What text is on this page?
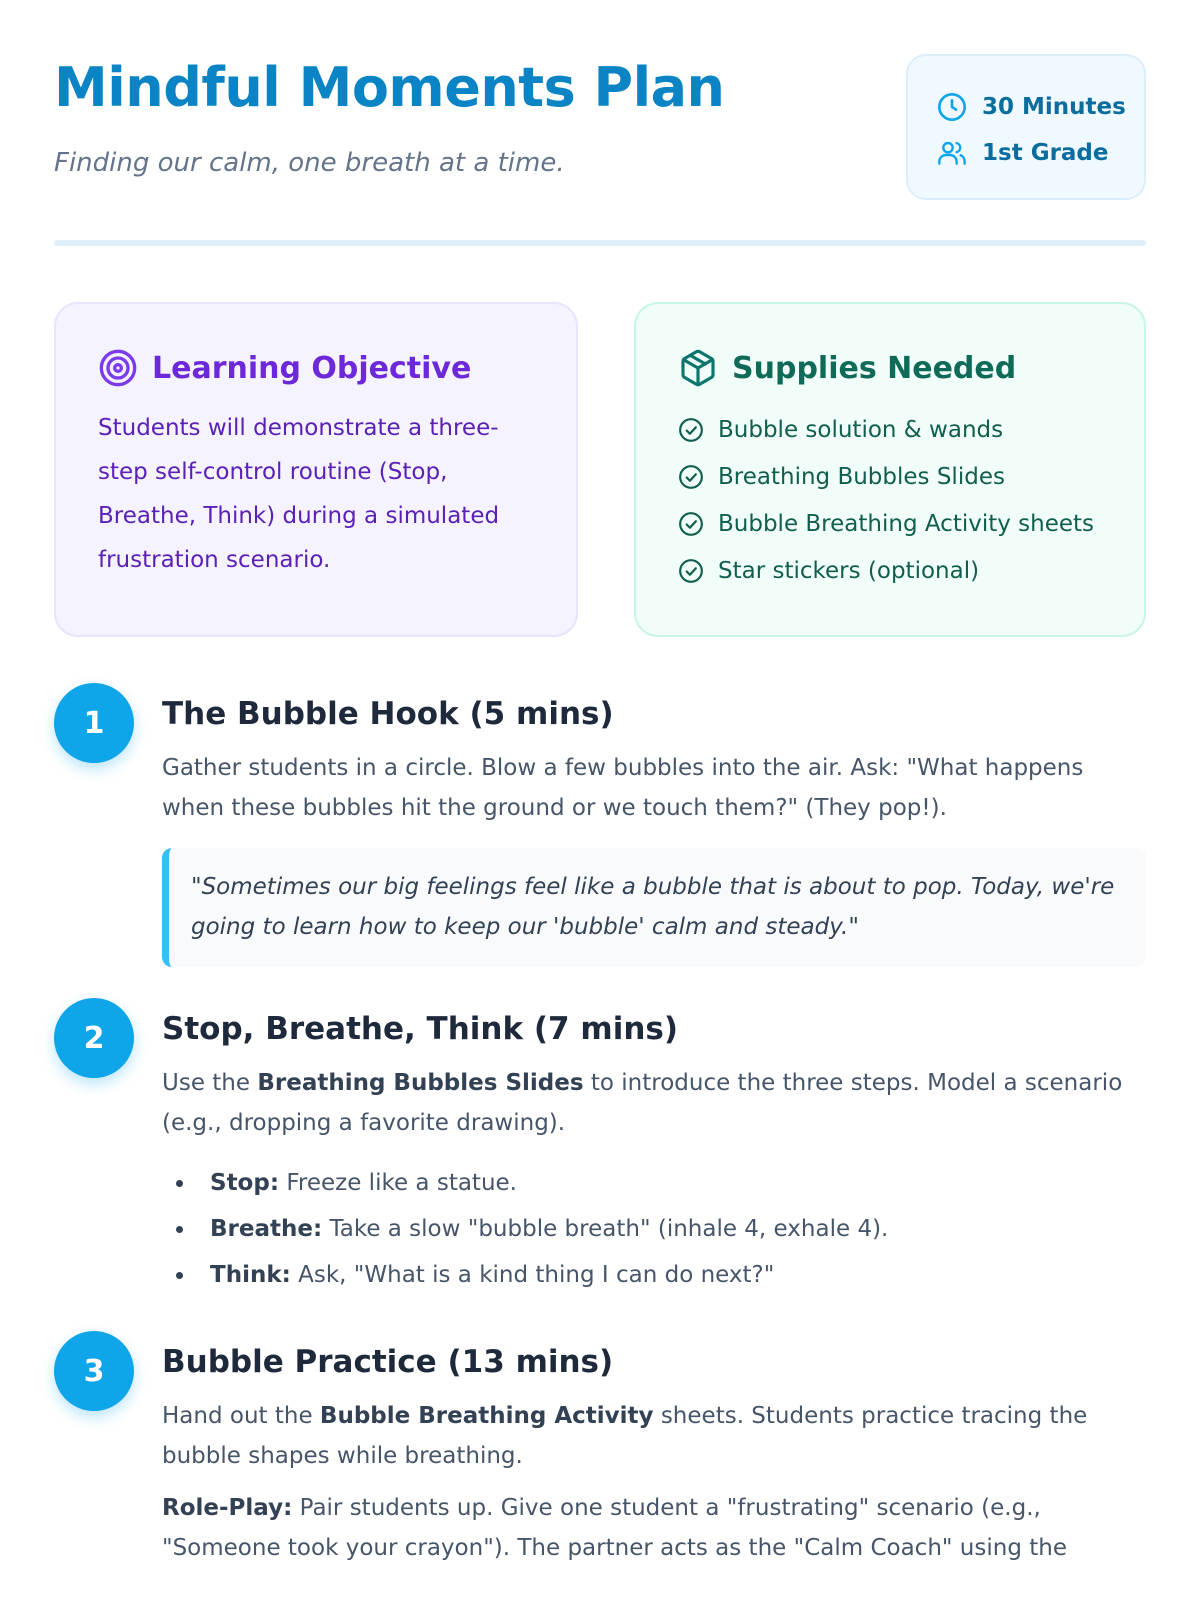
Mindful Moments Plan

Finding our calm, one breath at a time.

30 Minutes
1st Grade
Learning Objective

Students will demonstrate a three-step self-control routine (Stop, Breathe, Think) during a simulated frustration scenario.

Supplies Needed
Bubble solution & wands
Breathing Bubbles Slides
Bubble Breathing Activity sheets
Star stickers (optional)
1	The Bubble Hook (5 mins)

Gather students in a circle. Blow a few bubbles into the air. Ask: "What happens when these bubbles hit the ground or we touch them?" (They pop!).

"Sometimes our big feelings feel like a bubble that is about to pop. Today, we're going to learn how to keep our 'bubble' calm and steady."
2	Stop, Breathe, Think (7 mins)

Use the Breathing Bubbles Slides to introduce the three steps. Model a scenario (e.g., dropping a favorite drawing).

Stop: Freeze like a statue.
Breathe: Take a slow "bubble breath" (inhale 4, exhale 4).
Think: Ask, "What is a kind thing I can do next?"
3	Bubble Practice (13 mins)

Hand out the Bubble Breathing Activity sheets. Students practice tracing the bubble shapes while breathing.

Role-Play: Pair students up. Give one student a "frustrating" scenario (e.g., "Someone took your crayon"). The partner acts as the "Calm Coach" using the
